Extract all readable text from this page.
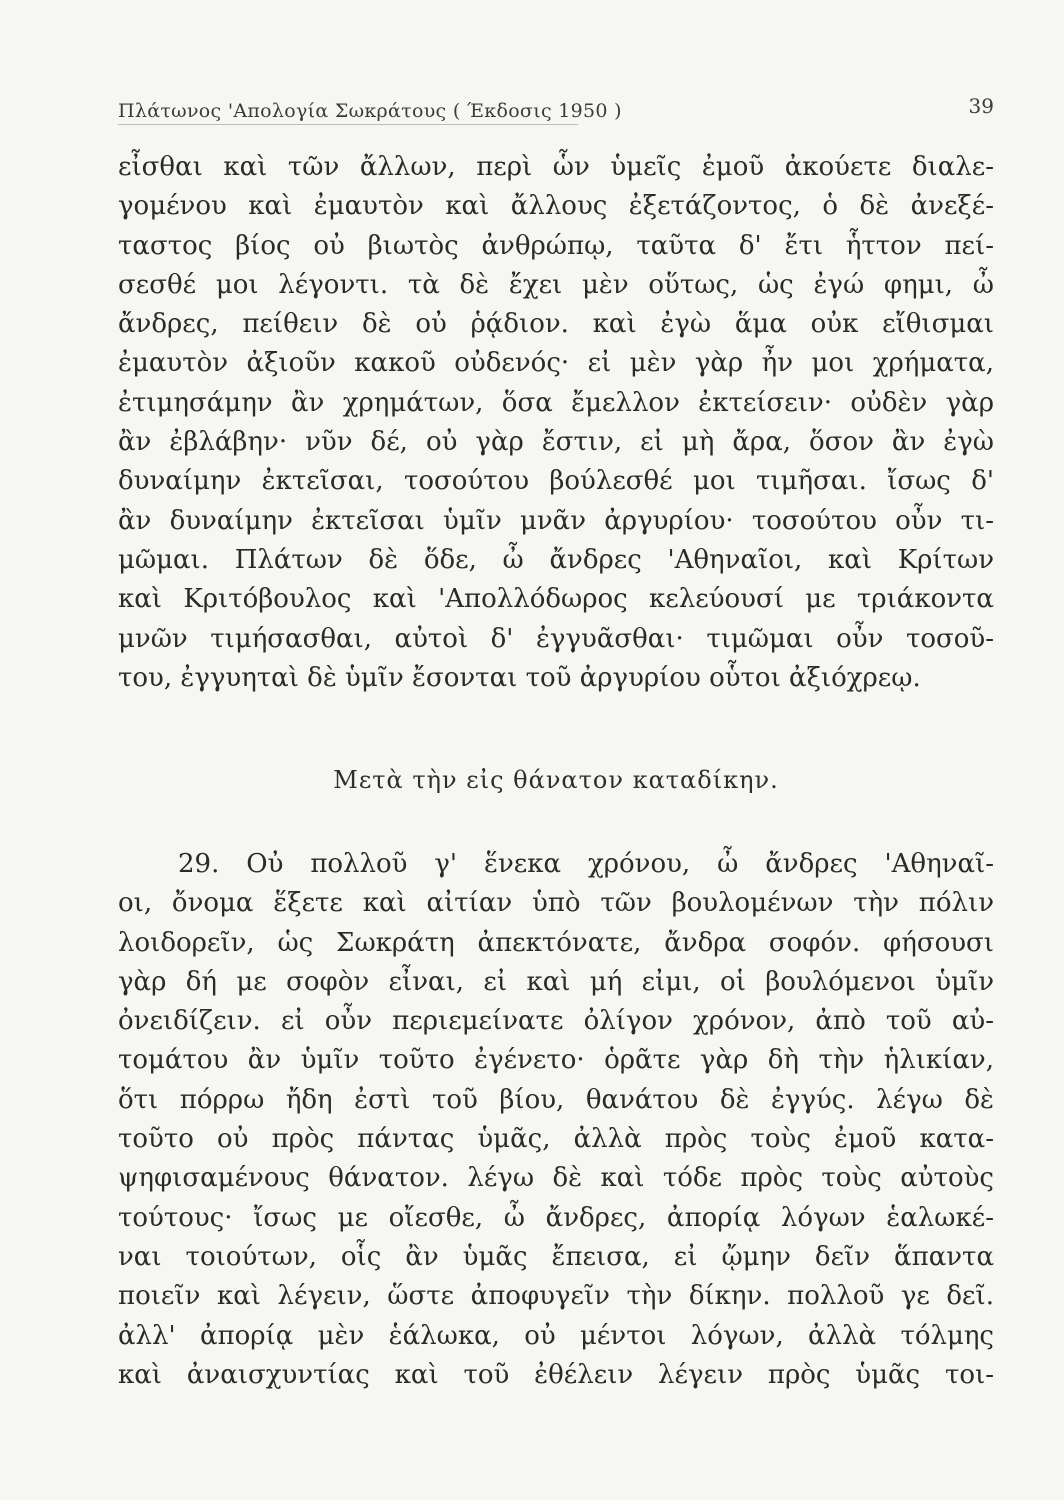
Πλάτωνος 'Απολογία Σωκράτους ( Έκδοσις 1950 )	39
εἶσθαι καὶ τῶν ἄλλων, περὶ ὧν ὑμεῖς ἐμοῦ ἀκούετε διαλε-
γομένου καὶ ἐμαυτὸν καὶ ἄλλους ἐξετάζοντος, ὁ δὲ ἀνεξέ-
ταστος βίος οὐ βιωτὸς ἀνθρώπῳ, ταῦτα δ' ἔτι ἧττον πεί-
σεσθέ μοι λέγοντι. τὰ δὲ ἔχει μὲν οὕτως, ὡς ἐγώ φημι, ὦ
ἄνδρες, πείθειν δὲ οὐ ῥᾴδιον. καὶ ἐγὼ ἅμα οὐκ εἴθισμαι
ἐμαυτὸν ἀξιοῦν κακοῦ οὐδενός· εἰ μὲν γὰρ ἦν μοι χρήματα,
ἐτιμησάμην ἂν χρημάτων, ὅσα ἔμελλον ἐκτείσειν· οὐδὲν γὰρ
ἂν ἐβλάβην· νῦν δέ, οὐ γὰρ ἔστιν, εἰ μὴ ἄρα, ὅσον ἂν ἐγὼ
δυναίμην ἐκτεῖσαι, τοσούτου βούλεσθέ μοι τιμῆσαι. ἴσως δ'
ἂν δυναίμην ἐκτεῖσαι ὑμῖν μνᾶν ἀργυρίου· τοσούτου οὖν τι-
μῶμαι. Πλάτων δὲ ὅδε, ὦ ἄνδρες 'Αθηναῖοι, καὶ Κρίτων
καὶ Κριτόβουλος καὶ 'Απολλόδωρος κελεύουσί με τριάκοντα
μνῶν τιμήσασθαι, αὐτοὶ δ' ἐγγυᾶσθαι· τιμῶμαι οὖν τοσοῦ-
του, ἐγγυηταὶ δὲ ὑμῖν ἔσονται τοῦ ἀργυρίου οὗτοι ἀξιόχρεῳ.
Μετὰ τὴν εἰς θάνατον καταδίκην.
29. Οὐ πολλοῦ γ' ἕνεκα χρόνου, ὦ ἄνδρες 'Αθηναῖ-
οι, ὄνομα ἕξετε καὶ αἰτίαν ὑπὸ τῶν βουλομένων τὴν πόλιν
λοιδορεῖν, ὡς Σωκράτη ἀπεκτόνατε, ἄνδρα σοφόν. φήσουσι
γὰρ δή με σοφὸν εἶναι, εἰ καὶ μή εἰμι, οἱ βουλόμενοι ὑμῖν
ὀνειδίζειν. εἰ οὖν περιεμείνατε ὀλίγον χρόνον, ἀπὸ τοῦ αὐ-
τομάτου ἂν ὑμῖν τοῦτο ἐγένετο· ὁρᾶτε γὰρ δὴ τὴν ἡλικίαν,
ὅτι πόρρω ἤδη ἐστὶ τοῦ βίου, θανάτου δὲ ἐγγύς. λέγω δὲ
τοῦτο οὐ πρὸς πάντας ὑμᾶς, ἀλλὰ πρὸς τοὺς ἐμοῦ κατα-
ψηφισαμένους θάνατον. λέγω δὲ καὶ τόδε πρὸς τοὺς αὐτοὺς
τούτους· ἴσως με οἴεσθε, ὦ ἄνδρες, ἀπορίᾳ λόγων ἑαλωκέ-
ναι τοιούτων, οἷς ἂν ὑμᾶς ἔπεισα, εἰ ᾤμην δεῖν ἅπαντα
ποιεῖν καὶ λέγειν, ὥστε ἀποφυγεῖν τὴν δίκην. πολλοῦ γε δεῖ.
ἀλλ' ἀπορίᾳ μὲν ἑάλωκα, οὐ μέντοι λόγων, ἀλλὰ τόλμης
καὶ ἀναισχυντίας καὶ τοῦ ἐθέλειν λέγειν πρὸς ὑμᾶς τοι-
